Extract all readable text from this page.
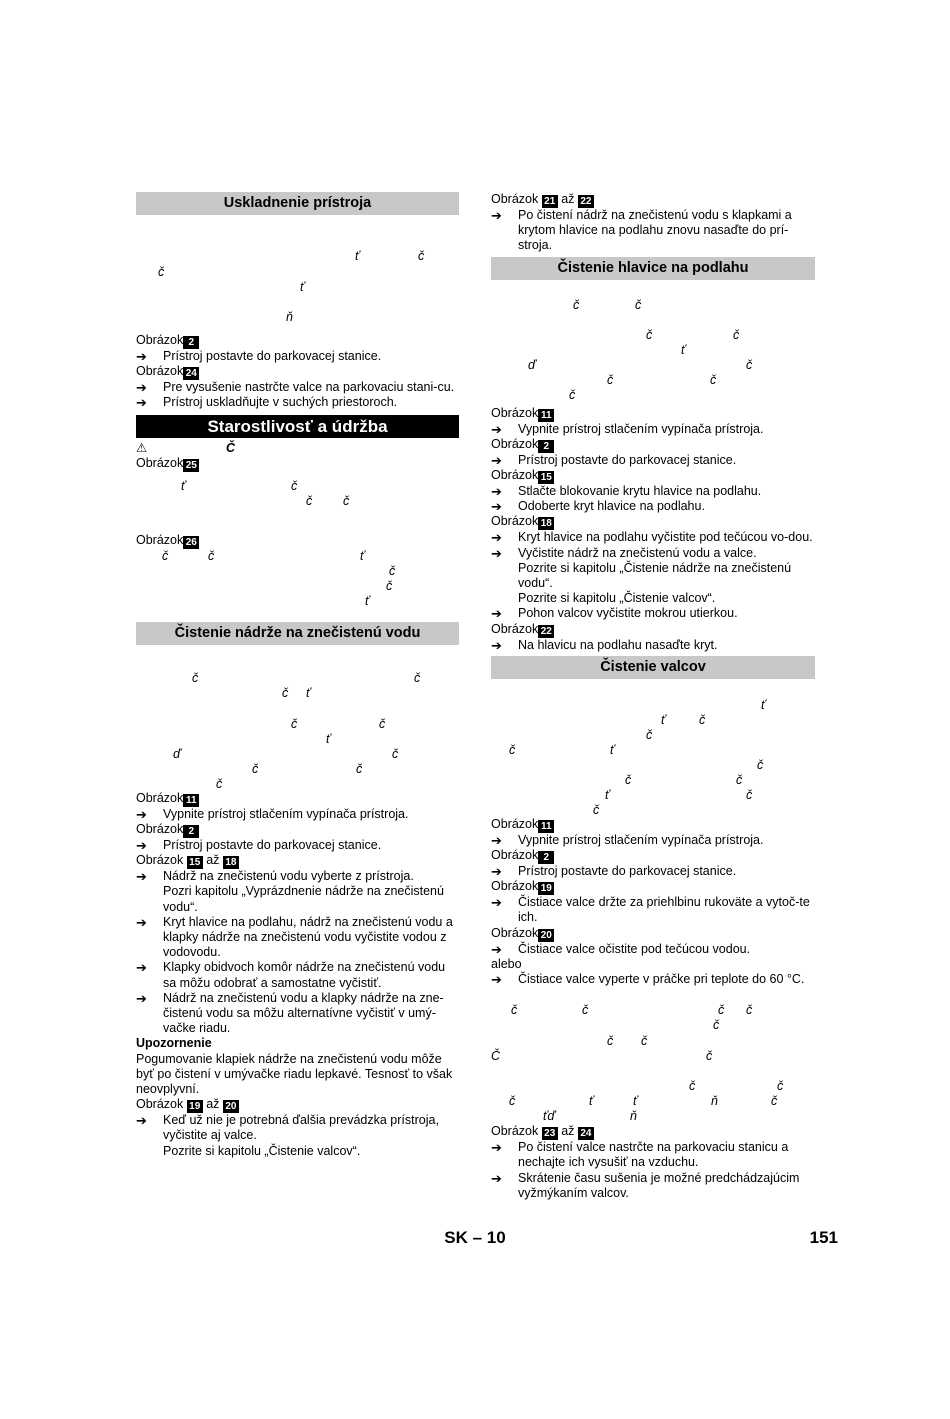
Uskladnenie prístroja
ť	č
č
ť
ň
Obrázok 2
➔ Prístroj postavte do parkovacej stanice.
Obrázok 24
➔ Pre vysušenie nastrčte valce na parkovaciu stani-cu.
➔ Prístroj uskladňujte v suchých priestoroch.
Starostlivosť a údržba
⚠	Č
Obrázok 25
ť	č
č č
Obrázok 26
č	č	ť
č
č
ť
Čistenie nádrže na znečistenú vodu
č	č
č ť
č	č
ť
ď	č
č	č
č
Obrázok 11
➔ Vypnite prístroj stlačením vypínača prístroja.
Obrázok 2
➔ Prístroj postavte do parkovacej stanice.
Obrázok 15 až 18
➔ Nádrž na znečistenú vodu vyberte z prístroja.
Pozri kapitolu „Vyprázdnenie nádrže na znečistenú vodu“.
➔ Kryt hlavice na podlahu, nádrž na znečistenú vodu a klapky nádrže na znečistenú vodu vyčistite vodou z vodovodu.
➔ Klapky obidvoch komôr nádrže na znečistenú vodu sa môžu odobrať a samostatne vyčistiť.
➔ Nádrž na znečistenú vodu a klapky nádrže na zne-čistenú vodu sa môžu alternatívne vyčistiť v umý-vačke riadu.
Upozornenie
Pogumovanie klapiek nádrže na znečistenú vodu môže byť po čistení v umývačke riadu lepkavé. Tesnosť to však neovplyvní.
Obrázok 19 až 20
➔ Keď už nie je potrebná ďalšia prevádzka prístroja, vyčistite aj valce.
Pozrite si kapitolu „Čistenie valcov“.
Obrázok 21 až 22
➔ Po čistení nádrž na znečistenú vodu s klapkami a krytom hlavice na podlahu znovu nasaďte do prí-stroja.
Čistenie hlavice na podlahu
č	č
č	č
ť
ď	č
č	č
č
Obrázok 11
➔ Vypnite prístroj stlačením vypínača prístroja.
Obrázok 2
➔ Prístroj postavte do parkovacej stanice.
Obrázok 15
➔ Stlačte blokovanie krytu hlavice na podlahu.
➔ Odoberte kryt hlavice na podlahu.
Obrázok 18
➔ Kryt hlavice na podlahu vyčistite pod tečúcou vo-dou.
➔ Vyčistite nádrž na znečistenú vodu a valce.
Pozrite si kapitolu „Čistenie nádrže na znečistenú vodu“.
Pozrite si kapitolu „Čistenie valcov“.
➔ Pohon valcov vyčistite mokrou utierkou.
Obrázok 22
➔ Na hlavicu na podlahu nasaďte kryt.
Čistenie valcov
ť
ť	č
č
č	ť
č
č	č
ť	č
č
Obrázok 11
➔ Vypnite prístroj stlačením vypínača prístroja.
Obrázok 2
➔ Prístroj postavte do parkovacej stanice.
Obrázok 19
➔ Čistiace valce držte za priehlbinu rukoväte a vytoč-te ich.
Obrázok 20
➔ Čistiace valce očistite pod tečúcou vodou.
alebo
➔ Čistiace valce vyperte v práčke pri teplote do 60 °C.
č	č	č č
č
č č
Č	č
č	č
č	ť	ť	ň	č
ťď	ň
Obrázok 23 až 24
➔ Po čistení valce nastrčte na parkovaciu stanicu a nechajte ich vysušiť na vzduchu.
➔ Skrátenie času sušenia je možné predchádzajúcim vyžmýkaním valcov.
SK – 10	151
